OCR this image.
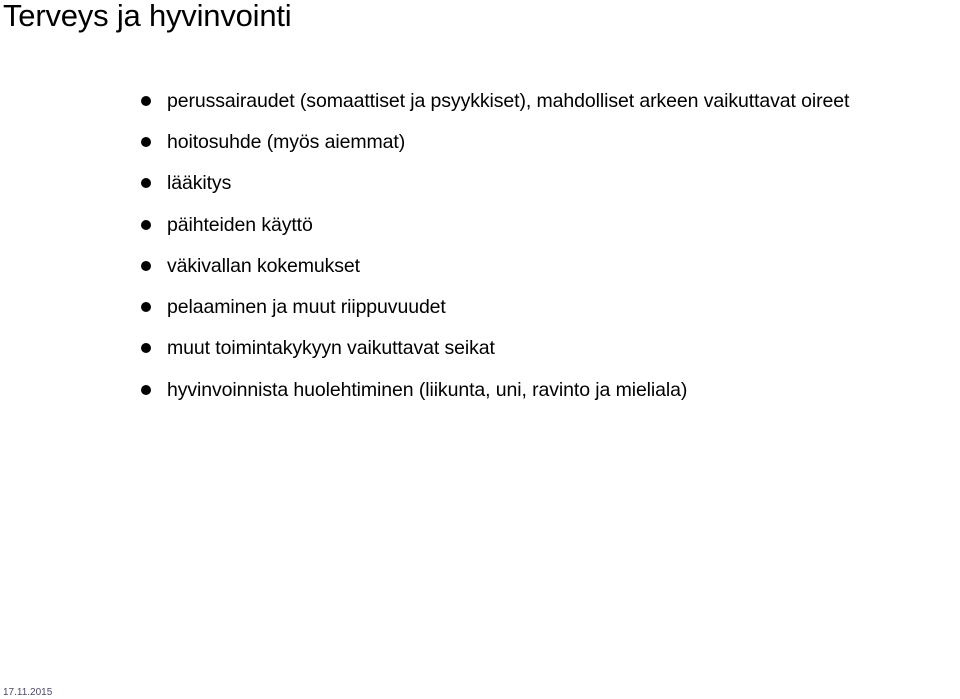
Terveys ja hyvinvointi
perussairaudet (somaattiset ja psyykkiset), mahdolliset arkeen vaikuttavat oireet
hoitosuhde (myös aiemmat)
lääkitys
päihteiden käyttö
väkivallan kokemukset
pelaaminen ja muut riippuvuudet
muut toimintakykyyn vaikuttavat seikat
hyvinvoinnista huolehtiminen (liikunta, uni, ravinto ja mieliala)
17.11.2015
